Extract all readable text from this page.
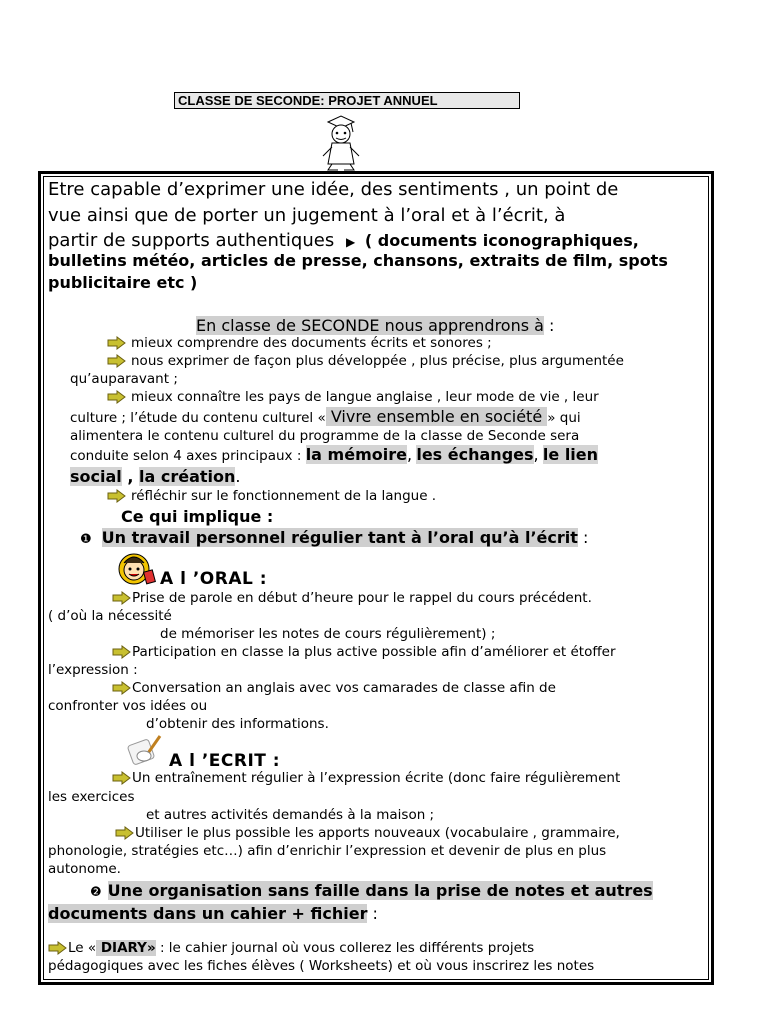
CLASSE DE SECONDE: PROJET ANNUEL
Etre capable d’exprimer une idée, des sentiments , un point de
vue ainsi que de porter un jugement à l’oral et à l’écrit, à
partir de supports authentiques ▶ ( documents iconographiques,
bulletins météo, articles de presse, chansons, extraits de film, spots
publicitaire etc )
En classe de SECONDE nous apprendrons à :
mieux comprendre des documents écrits et sonores ;
nous exprimer de façon plus développée , plus précise, plus argumentée
qu’auparavant ;
mieux connaître les pays de langue anglaise , leur mode de vie , leur
culture ; l’étude du contenu culturel « Vivre ensemble en société » qui
alimentera le contenu culturel du programme de la classe de Seconde sera
conduite selon 4 axes principaux : la mémoire, les échanges, le lien
social , la création.
réfléchir sur le fonctionnement de la langue .
Ce qui implique :
❶ Un travail personnel régulier tant à l’oral qu’à l’écrit :
A l ’ORAL :
Prise de parole en début d’heure pour le rappel du cours précédent.
( d’où la nécessité
de mémoriser les notes de cours régulièrement) ;
Participation en classe la plus active possible afin d’améliorer et étoffer
l’expression :
Conversation an anglais avec vos camarades de classe afin de
confronter vos idées ou
d’obtenir des informations.
A l ’ECRIT :
Un entraînement régulier à l’expression écrite (donc faire régulièrement
les exercices
et autres activités demandés à la maison ;
Utiliser le plus possible les apports nouveaux (vocabulaire , grammaire,
phonologie, stratégies etc…) afin d’enrichir l’expression et devenir de plus en plus
autonome.
❷ Une organisation sans faille dans la prise de notes et autres
documents dans un cahier + fichier :
Le « DIARY» : le cahier journal où vous collerez les différents projets
pédagogiques avec les fiches élèves ( Worksheets) et où vous inscrirez les notes
